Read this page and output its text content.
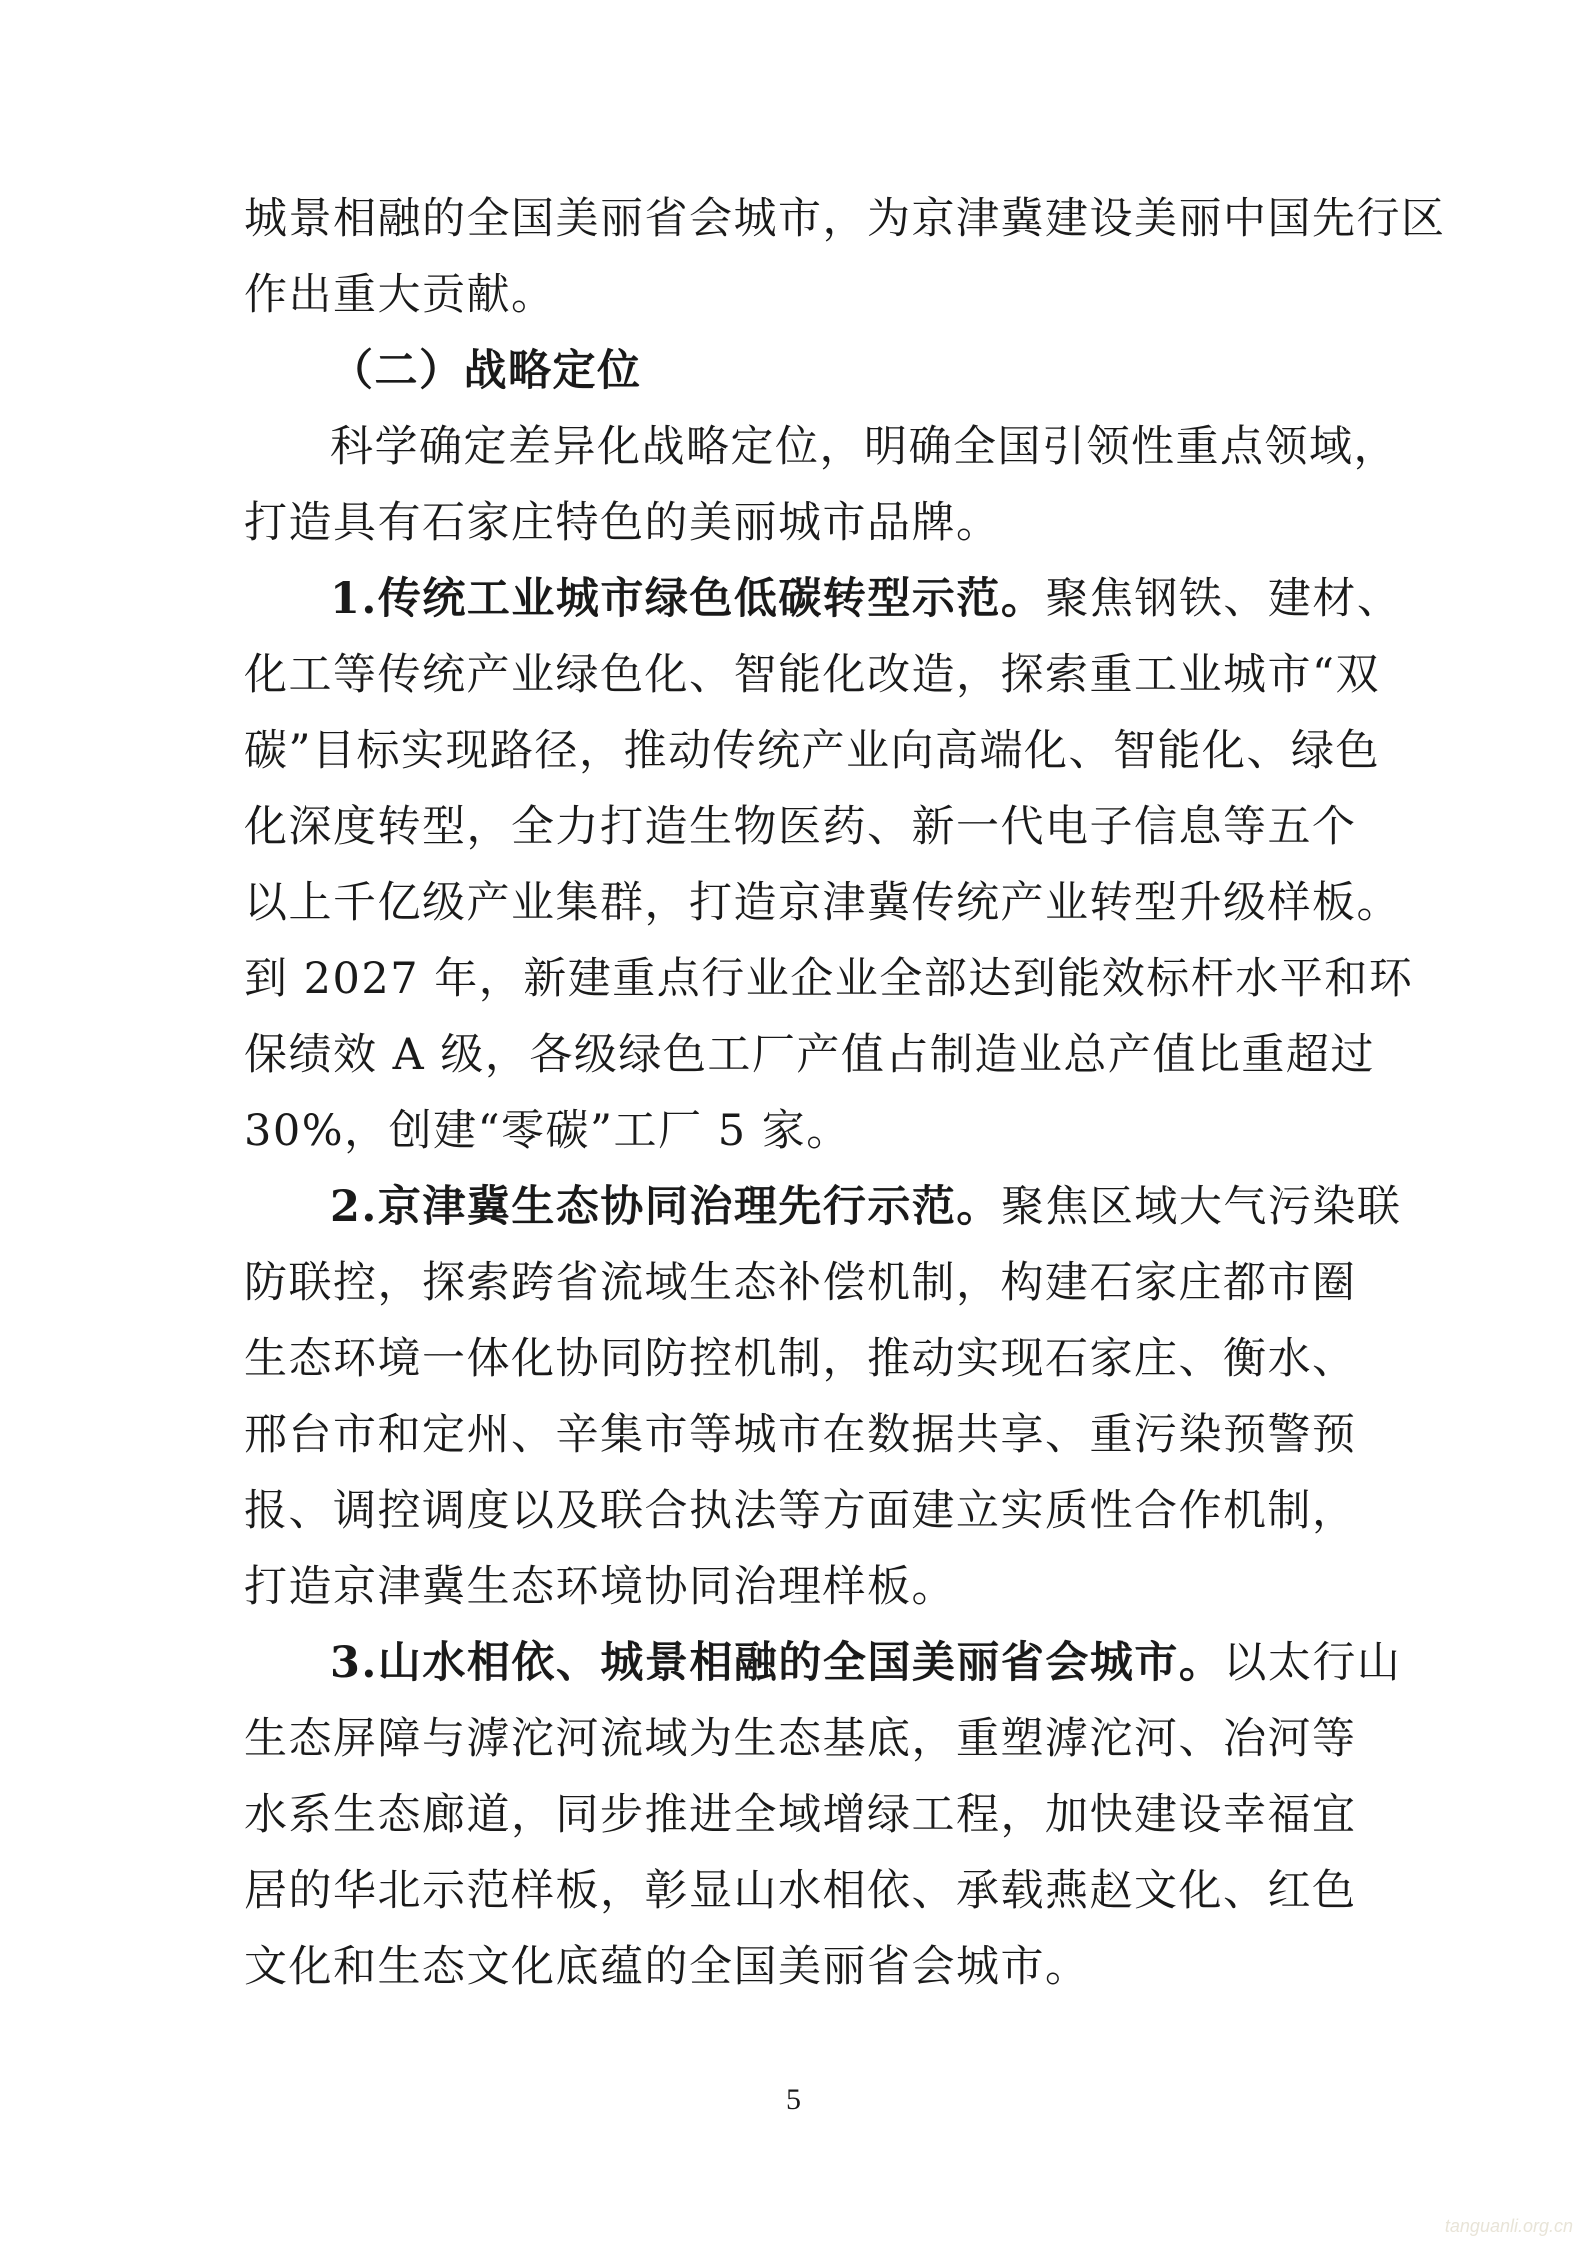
城景相融的全国美丽省会城市，为京津冀建设美丽中国先行区
作出重大贡献。
（二）战略定位
科学确定差异化战略定位，明确全国引领性重点领域，
打造具有石家庄特色的美丽城市品牌。
1.传统工业城市绿色低碳转型示范。聚焦钢铁、建材、
化工等传统产业绿色化、智能化改造，探索重工业城市“双
碳”目标实现路径，推动传统产业向高端化、智能化、绿色
化深度转型，全力打造生物医药、新一代电子信息等五个
以上千亿级产业集群，打造京津冀传统产业转型升级样板。
到 2027 年，新建重点行业企业全部达到能效标杆水平和环
保绩效 A 级，各级绿色工厂产值占制造业总产值比重超过
30%，创建“零碳”工厂 5 家。
2.京津冀生态协同治理先行示范。聚焦区域大气污染联
防联控，探索跨省流域生态补偿机制，构建石家庄都市圈
生态环境一体化协同防控机制，推动实现石家庄、衡水、
邢台市和定州、辛集市等城市在数据共享、重污染预警预
报、调控调度以及联合执法等方面建立实质性合作机制，
打造京津冀生态环境协同治理样板。
3.山水相依、城景相融的全国美丽省会城市。以太行山
生态屏障与滹沱河流域为生态基底，重塑滹沱河、冶河等
水系生态廊道，同步推进全域增绿工程，加快建设幸福宜
居的华北示范样板，彰显山水相依、承载燕赵文化、红色
文化和生态文化底蕴的全国美丽省会城市。
5
tanguanli.org.cn
